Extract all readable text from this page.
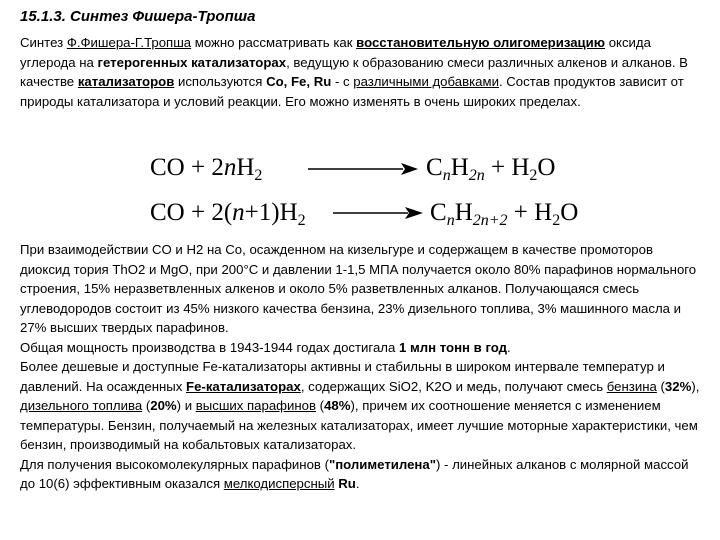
15.1.3. Синтез Фишера-Тропша

Синтез Ф.Фишера-Г.Тропша можно рассматривать как восстановительную олигомеризацию оксида углерода на гетерогенных катализаторах, ведущую к образованию смеси различных алкенов и алканов. В качестве катализаторов используются Co, Fe, Ru - с различными добавками. Состав продуктов зависит от природы катализатора и условий реакции. Его можно изменять в очень широких пределах.

CO + $2nH_2$	$C_nH_{2n} + H_2O$
CO + $2(n+1)H_2$	$C_nH_{2n+2} + H_2O$
При взаимодействии CO и H2 на Co, осажденном на кизельгуре и содержащем в качестве промоторов диоксид тория ThO2 и MgO, при 200°С и давлении 1-1,5 МПА получается около 80% парафинов нормального строения, 15% неразветвленных алкенов и около 5% разветвленных алканов. Получающаяся смесь углеводородов состоит из 45% низкого качества бензина, 23% дизельного топлива, 3% машинного масла и 27% высших твердых парафинов.
Общая мощность производства в 1943-1944 годах достигала 1 млн тонн в год.
Более дешевые и доступные Fe-катализаторы активны и стабильны в широком интервале температур и давлений. На осажденных Fe-катализаторах, содержащих SiO2, K2O и медь, получают смесь бензина (32%), дизельного топлива (20%) и высших парафинов (48%), причем их соотношение меняется с изменением температуры. Бензин, получаемый на железных катализаторах, имеет лучшие моторные характеристики, чем бензин, производимый на кобальтовых катализаторах.
Для получения высокомолекулярных парафинов ("полиметилена") - линейных алканов с молярной массой до 10(6) эффективным оказался мелкодисперсный Ru.
